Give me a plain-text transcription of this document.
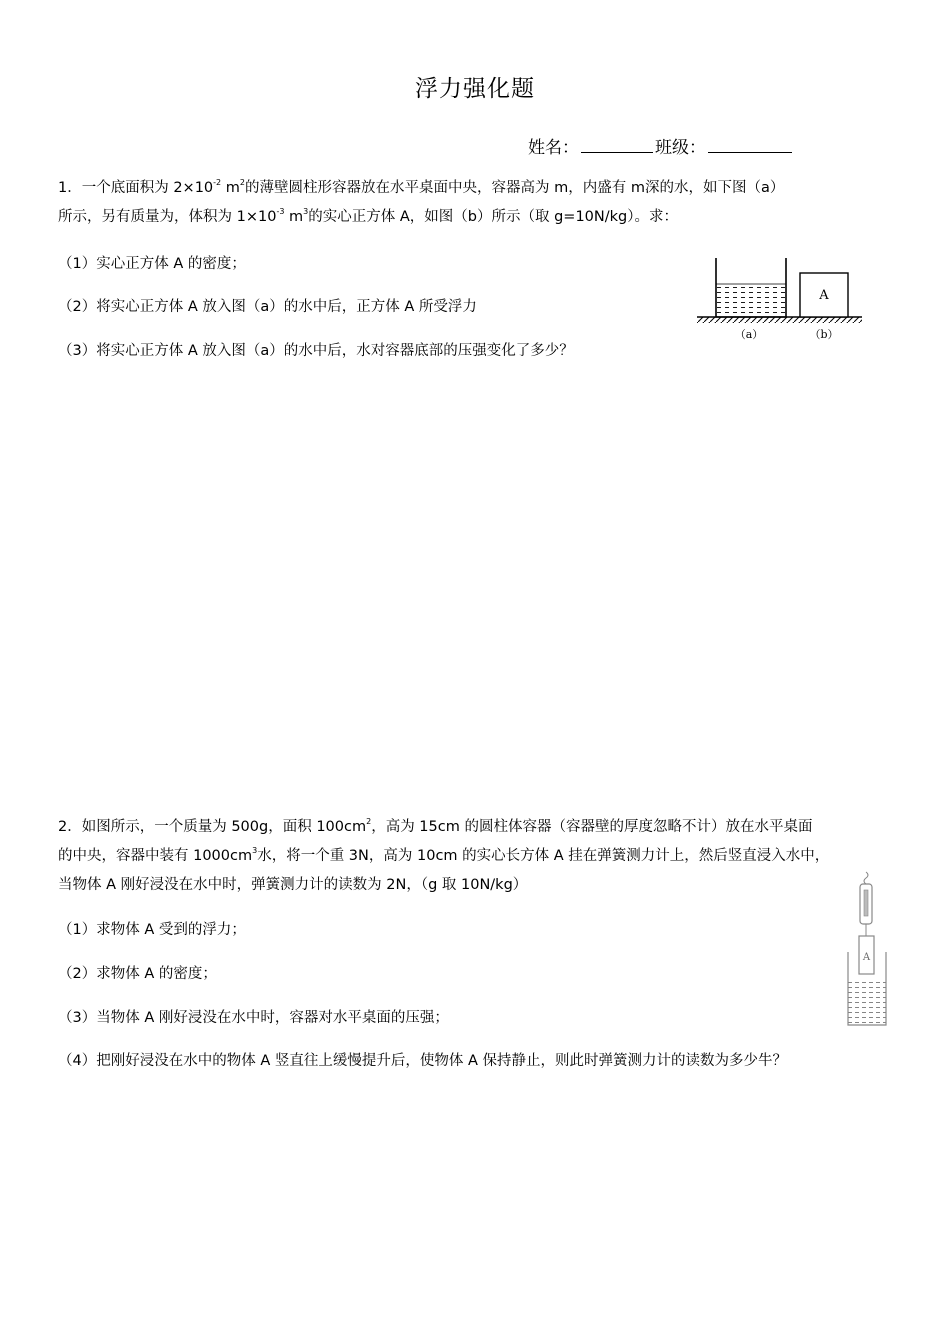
浮力强化题
姓名：	班级：
1．一个底面积为 $2\times 10^{-2}$ $m^2$的薄壁圆柱形容器放在水平桌面中央，容器高为 m，内盛有 m深的水，如下图（a）
所示，另有质量为，体积为 $1\times 10^{-3}$ $m^3$的实心正方体 A，如图（b）所示（取 g=10N/kg）。求：
（1）实心正方体 A 的密度；
（2）将实心正方体 A 放入图（a）的水中后，正方体 A 所受浮力
（3）将实心正方体 A 放入图（a）的水中后，水对容器底部的压强变化了多少？
A
（a）	（b）
2．如图所示，一个质量为 500g，面积 $100cm^2$，高为 15cm 的圆柱体容器（容器壁的厚度忽略不计）放在水平桌面
的中央，容器中装有 $1000cm^3$水，将一个重 3N，高为 10cm 的实心长方体 A 挂在弹簧测力计上，然后竖直浸入水中，
当物体 A 刚好浸没在水中时，弹簧测力计的读数为 2N，（g 取 10N/kg）
（1）求物体 A 受到的浮力；
（2）求物体 A 的密度；
（3）当物体 A 刚好浸没在水中时，容器对水平桌面的压强；
（4）把刚好浸没在水中的物体 A 竖直往上缓慢提升后，使物体 A 保持静止，则此时弹簧测力计的读数为多少牛？
A
